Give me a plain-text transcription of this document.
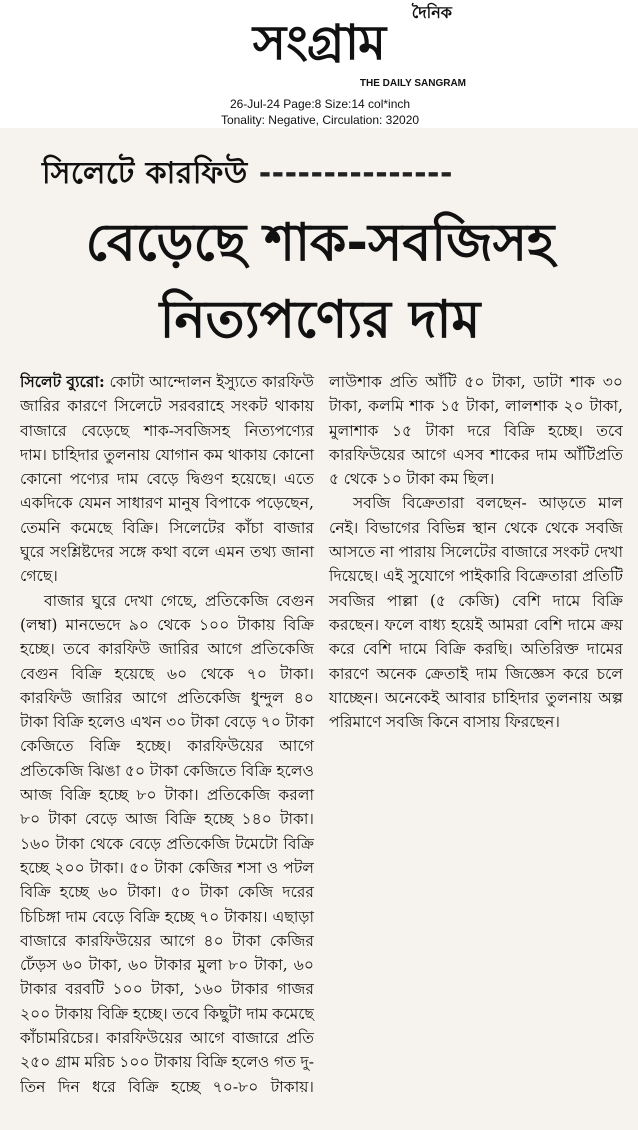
দৈনিক
সংগ্রাম
THE DAILY SANGRAM
26-Jul-24 Page:8 Size:14 col*inch
Tonality: Negative, Circulation: 32020
সিলেটে কারফিউ ---------------
বেড়েছে শাক-সবজিসহ
নিত্যপণ্যের দাম

সিলেট ব্যুরো: কোটা আন্দোলন ইস্যুতে কারফিউ জারির কারণে সিলেটে সরবরাহে সংকট থাকায় বাজারে বেড়েছে শাক-সবজিসহ নিত্যপণ্যের দাম। চাহিদার তুলনায় যোগান কম থাকায় কোনো কোনো পণ্যের দাম বেড়ে দ্বিগুণ হয়েছে। এতে একদিকে যেমন সাধারণ মানুষ বিপাকে পড়েছেন, তেমনি কমেছে বিক্রি। সিলেটের কাঁচা বাজার ঘুরে সংশ্লিষ্টদের সঙ্গে কথা বলে এমন তথ্য জানা গেছে।

বাজার ঘুরে দেখা গেছে, প্রতিকেজি বেগুন (লম্বা) মানভেদে ৯০ থেকে ১০০ টাকায় বিক্রি হচ্ছে। তবে কারফিউ জারির আগে প্রতিকেজি বেগুন বিক্রি হয়েছে ৬০ থেকে ৭০ টাকা। কারফিউ জারির আগে প্রতিকেজি ধুন্দুল ৪০ টাকা বিক্রি হলেও এখন ৩০ টাকা বেড়ে ৭০ টাকা কেজিতে বিক্রি হচ্ছে। কারফিউয়ের আগে প্রতিকেজি ঝিঙা ৫০ টাকা কেজিতে বিক্রি হলেও আজ বিক্রি হচ্ছে ৮০ টাকা। প্রতিকেজি করলা ৮০ টাকা বেড়ে আজ বিক্রি হচ্ছে ১৪০ টাকা। ১৬০ টাকা থেকে বেড়ে প্রতিকেজি টমেটো বিক্রি হচ্ছে ২০০ টাকা। ৫০ টাকা কেজির শসা ও পটল বিক্রি হচ্ছে ৬০ টাকা। ৫০ টাকা কেজি দরের চিচিঙ্গা দাম বেড়ে বিক্রি হচ্ছে ৭০ টাকায়। এছাড়া বাজারে কারফিউয়ের আগে ৪০ টাকা কেজির ঢেঁড়স ৬০ টাকা, ৬০ টাকার মুলা ৮০ টাকা, ৬০ টাকার বরবটি ১০০ টাকা, ১৬০ টাকার গাজর ২০০ টাকায় বিক্রি হচ্ছে। তবে কিছুটা দাম কমেছে কাঁচামরিচের। কারফিউয়ের আগে বাজারে প্রতি ২৫০ গ্রাম মরিচ ১০০ টাকায় বিক্রি হলেও গত দু-তিন দিন ধরে বিক্রি হচ্ছে ৭০-৮০ টাকায়। লাউশাক প্রতি আঁটি ৫০ টাকা, ডাটা শাক ৩০ টাকা, কলমি শাক ১৫ টাকা, লালশাক ২০ টাকা, মুলাশাক ১৫ টাকা দরে বিক্রি হচ্ছে। তবে কারফিউয়ের আগে এসব শাকের দাম আঁটিপ্রতি ৫ থেকে ১০ টাকা কম ছিল।

সবজি বিক্রেতারা বলছেন- আড়তে মাল নেই। বিভাগের বিভিন্ন স্থান থেকে থেকে সবজি আসতে না পারায় সিলেটের বাজারে সংকট দেখা দিয়েছে। এই সুযোগে পাইকারি বিক্রেতারা প্রতিটি সবজির পাল্লা (৫ কেজি) বেশি দামে বিক্রি করছেন। ফলে বাধ্য হয়েই আমরা বেশি দামে ক্রয় করে বেশি দামে বিক্রি করছি। অতিরিক্ত দামের কারণে অনেক ক্রেতাই দাম জিজ্ঞেস করে চলে যাচ্ছেন। অনেকেই আবার চাহিদার তুলনায় অল্প পরিমাণে সবজি কিনে বাসায় ফিরছেন।
